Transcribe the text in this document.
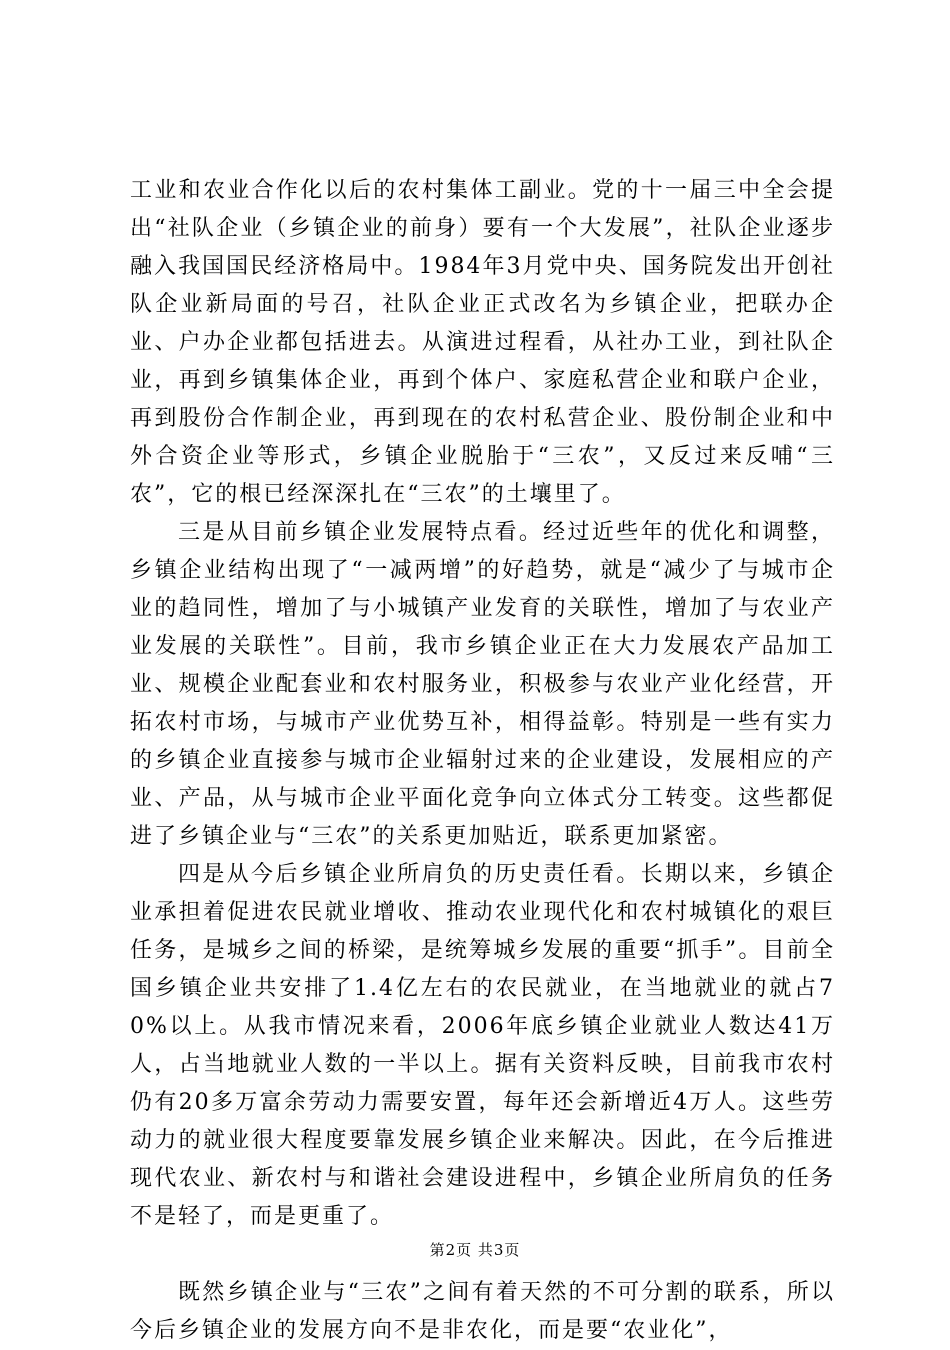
工业和农业合作化以后的农村集体工副业。党的十一届三中全会提出“社队企业（乡镇企业的前身）要有一个大发展”，社队企业逐步融入我国国民经济格局中。1984年3月党中央、国务院发出开创社队企业新局面的号召，社队企业正式改名为乡镇企业，把联办企业、户办企业都包括进去。从演进过程看，从社办工业，到社队企业，再到乡镇集体企业，再到个体户、家庭私营企业和联户企业，再到股份合作制企业，再到现在的农村私营企业、股份制企业和中外合资企业等形式，乡镇企业脱胎于“三农”，又反过来反哺“三农”，它的根已经深深扎在“三农”的土壤里了。

三是从目前乡镇企业发展特点看。经过近些年的优化和调整，乡镇企业结构出现了“一减两增”的好趋势，就是“减少了与城市企业的趋同性，增加了与小城镇产业发育的关联性，增加了与农业产业发展的关联性”。目前，我市乡镇企业正在大力发展农产品加工业、规模企业配套业和农村服务业，积极参与农业产业化经营，开拓农村市场，与城市产业优势互补，相得益彰。特别是一些有实力的乡镇企业直接参与城市企业辐射过来的企业建设，发展相应的产业、产品，从与城市企业平面化竞争向立体式分工转变。这些都促进了乡镇企业与“三农”的关系更加贴近，联系更加紧密。

四是从今后乡镇企业所肩负的历史责任看。长期以来，乡镇企业承担着促进农民就业增收、推动农业现代化和农村城镇化的艰巨任务，是城乡之间的桥梁，是统筹城乡发展的重要“抓手”。目前全国乡镇企业共安排了1.4亿左右的农民就业，在当地就业的就占70%以上。从我市情况来看，2006年底乡镇企业就业人数达41万人，占当地就业人数的一半以上。据有关资料反映，目前我市农村仍有20多万富余劳动力需要安置，每年还会新增近4万人。这些劳动力的就业很大程度要靠发展乡镇企业来解决。因此，在今后推进现代农业、新农村与和谐社会建设进程中，乡镇企业所肩负的任务不是轻了，而是更重了。

既然乡镇企业与“三农”之间有着天然的不可分割的联系，所以今后乡镇企业的发展方向不是非农化，而是要“农业化”，

第2页 共3页
